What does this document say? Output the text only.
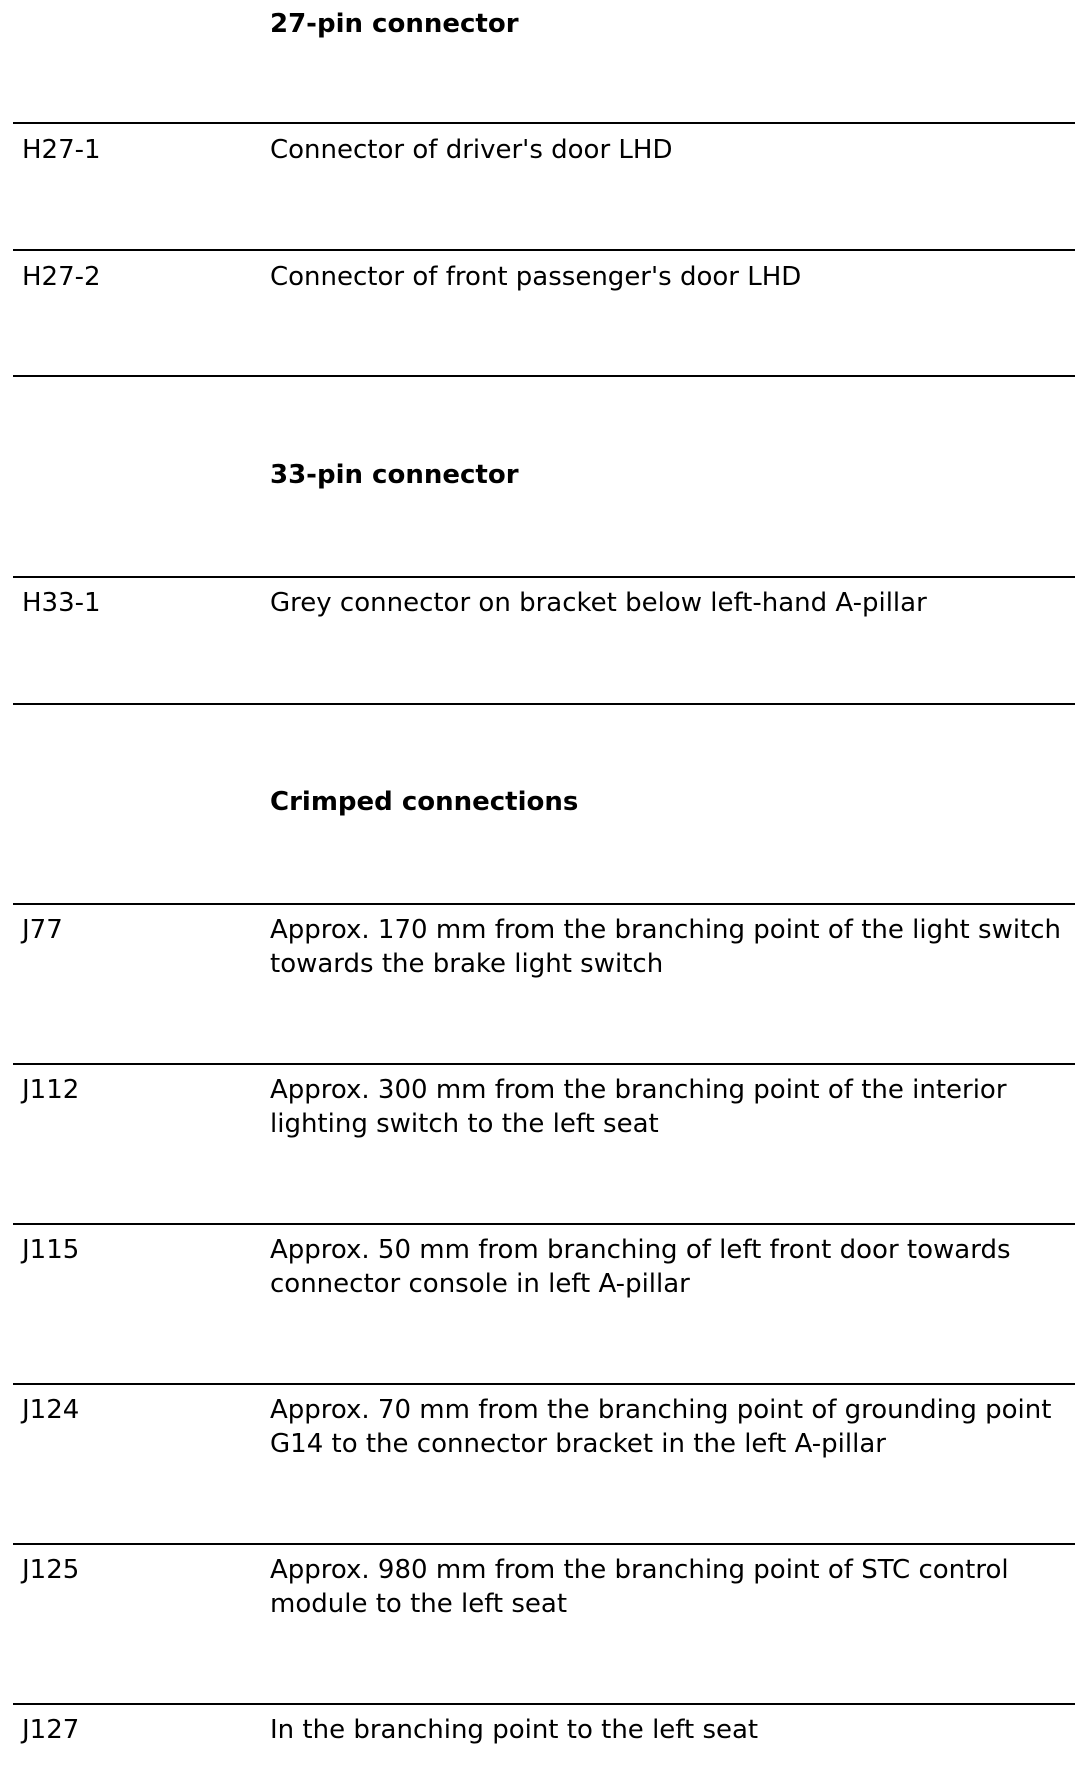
27-pin connector
H27-1	Connector of driver's door LHD
H27-2	Connector of front passenger's door LHD
33-pin connector
H33-1	Grey connector on bracket below left-hand A-pillar
Crimped connections
J77	Approx. 170 mm from the branching point of the light switch towards the brake light switch
J112	Approx. 300 mm from the branching point of the interior lighting switch to the left seat
J115	Approx. 50 mm from branching of left front door towards connector console in left A-pillar
J124	Approx. 70 mm from the branching point of grounding point G14 to the connector bracket in the left A-pillar
J125	Approx. 980 mm from the branching point of STC control module to the left seat
J127	In the branching point to the left seat
